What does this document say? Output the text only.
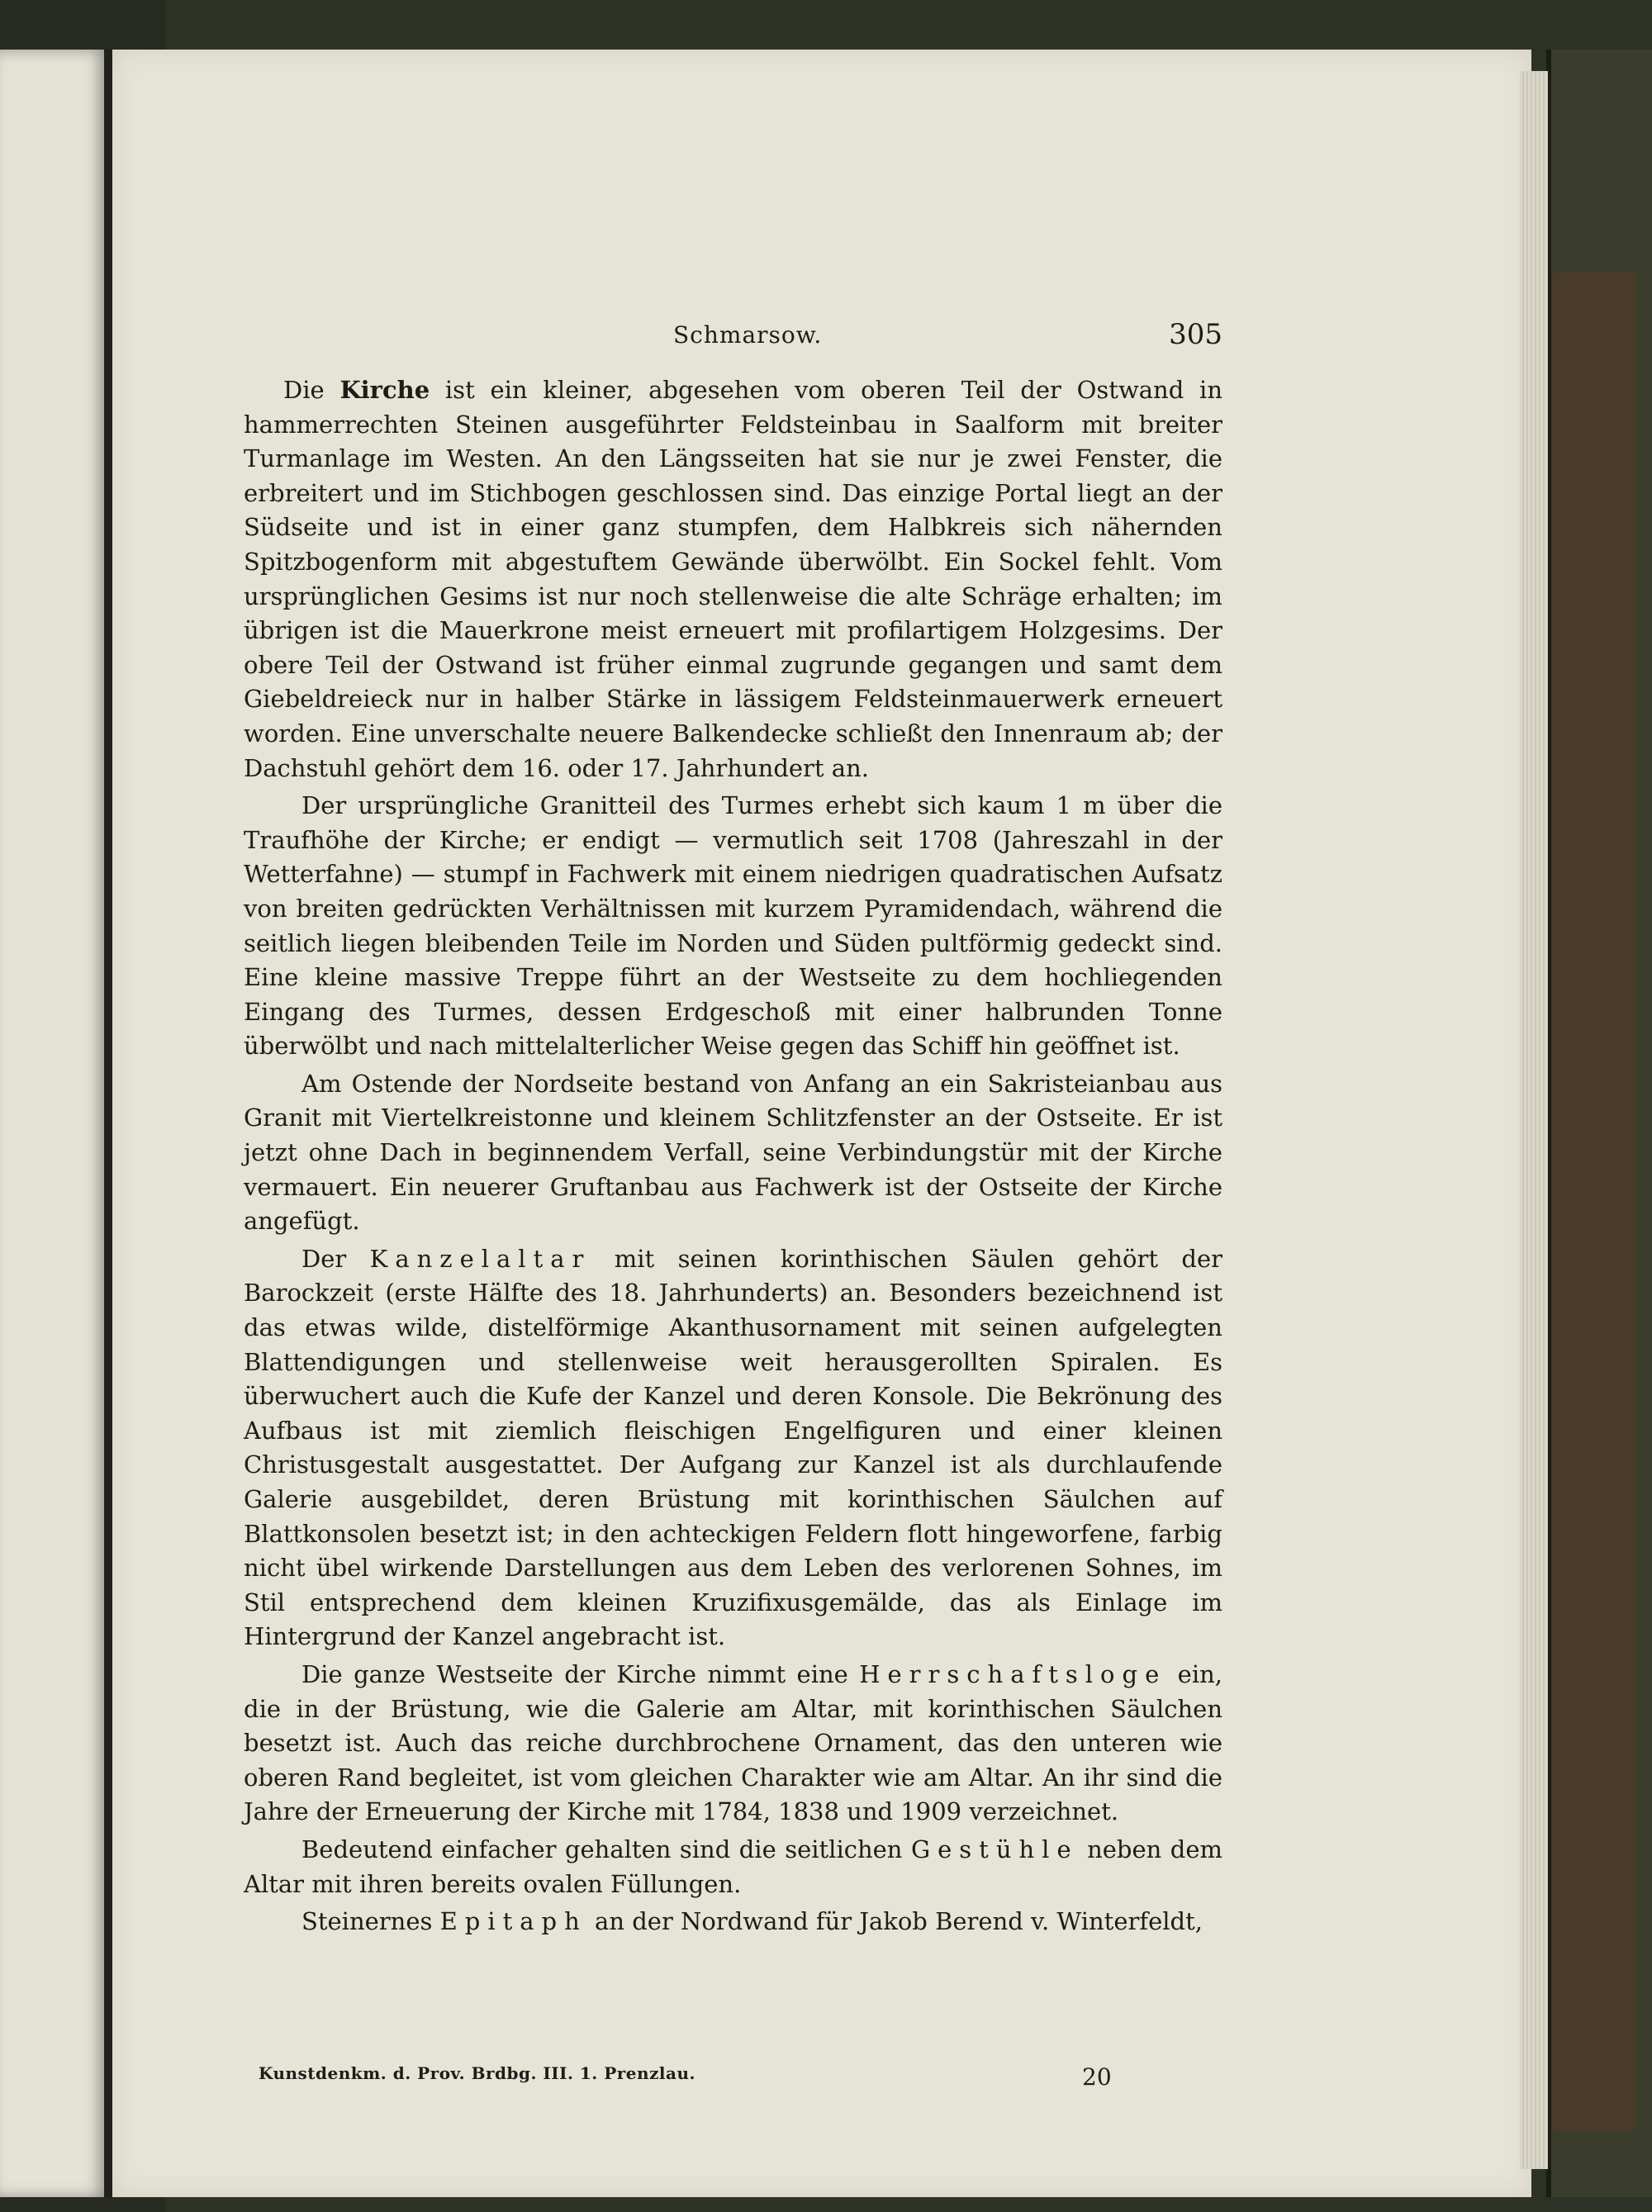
Schmarsow.	305

Die Kirche ist ein kleiner, abgesehen vom oberen Teil der Ostwand in hammerrechten Steinen ausgeführter Feldsteinbau in Saalform mit breiter Turmanlage im Westen. An den Längsseiten hat sie nur je zwei Fenster, die erbreitert und im Stichbogen geschlossen sind. Das einzige Portal liegt an der Südseite und ist in einer ganz stumpfen, dem Halbkreis sich nähernden Spitzbogenform mit abgestuftem Gewände überwölbt. Ein Sockel fehlt. Vom ursprünglichen Gesims ist nur noch stellenweise die alte Schräge erhalten; im übrigen ist die Mauerkrone meist erneuert mit profilartigem Holzgesims. Der obere Teil der Ostwand ist früher einmal zugrunde gegangen und samt dem Giebeldreieck nur in halber Stärke in lässigem Feldsteinmauerwerk erneuert worden. Eine unverschalte neuere Balkendecke schließt den Innenraum ab; der Dachstuhl gehört dem 16. oder 17. Jahrhundert an.

Der ursprüngliche Granitteil des Turmes erhebt sich kaum 1 m über die Traufhöhe der Kirche; er endigt — vermutlich seit 1708 (Jahreszahl in der Wetterfahne) — stumpf in Fachwerk mit einem niedrigen quadratischen Aufsatz von breiten gedrückten Verhältnissen mit kurzem Pyramidendach, während die seitlich liegen bleibenden Teile im Norden und Süden pultförmig gedeckt sind. Eine kleine massive Treppe führt an der Westseite zu dem hochliegenden Eingang des Turmes, dessen Erdgeschoß mit einer halbrunden Tonne überwölbt und nach mittelalterlicher Weise gegen das Schiff hin geöffnet ist.

Am Ostende der Nordseite bestand von Anfang an ein Sakristeianbau aus Granit mit Viertelkreistonne und kleinem Schlitzfenster an der Ostseite. Er ist jetzt ohne Dach in beginnendem Verfall, seine Verbindungstür mit der Kirche vermauert. Ein neuerer Gruftanbau aus Fachwerk ist der Ostseite der Kirche angefügt.

Der Kanzelaltar mit seinen korinthischen Säulen gehört der Barockzeit (erste Hälfte des 18. Jahrhunderts) an. Besonders bezeichnend ist das etwas wilde, distelförmige Akanthusornament mit seinen aufgelegten Blattendigungen und stellenweise weit herausgerollten Spiralen. Es überwuchert auch die Kufe der Kanzel und deren Konsole. Die Bekrönung des Aufbaus ist mit ziemlich fleischigen Engelfiguren und einer kleinen Christusgestalt ausgestattet. Der Aufgang zur Kanzel ist als durchlaufende Galerie ausgebildet, deren Brüstung mit korinthischen Säulchen auf Blattkonsolen besetzt ist; in den achteckigen Feldern flott hingeworfene, farbig nicht übel wirkende Darstellungen aus dem Leben des verlorenen Sohnes, im Stil entsprechend dem kleinen Kruzifixusgemälde, das als Einlage im Hintergrund der Kanzel angebracht ist.

Die ganze Westseite der Kirche nimmt eine Herrschaftsloge ein, die in der Brüstung, wie die Galerie am Altar, mit korinthischen Säulchen besetzt ist. Auch das reiche durchbrochene Ornament, das den unteren wie oberen Rand begleitet, ist vom gleichen Charakter wie am Altar. An ihr sind die Jahre der Erneuerung der Kirche mit 1784, 1838 und 1909 verzeichnet.

Bedeutend einfacher gehalten sind die seitlichen Gestühle neben dem Altar mit ihren bereits ovalen Füllungen.

Steinernes Epitaph an der Nordwand für Jakob Berend v. Winterfeldt,

Kunstdenkm. d. Prov. Brdbg. III. 1. Prenzlau.	20
